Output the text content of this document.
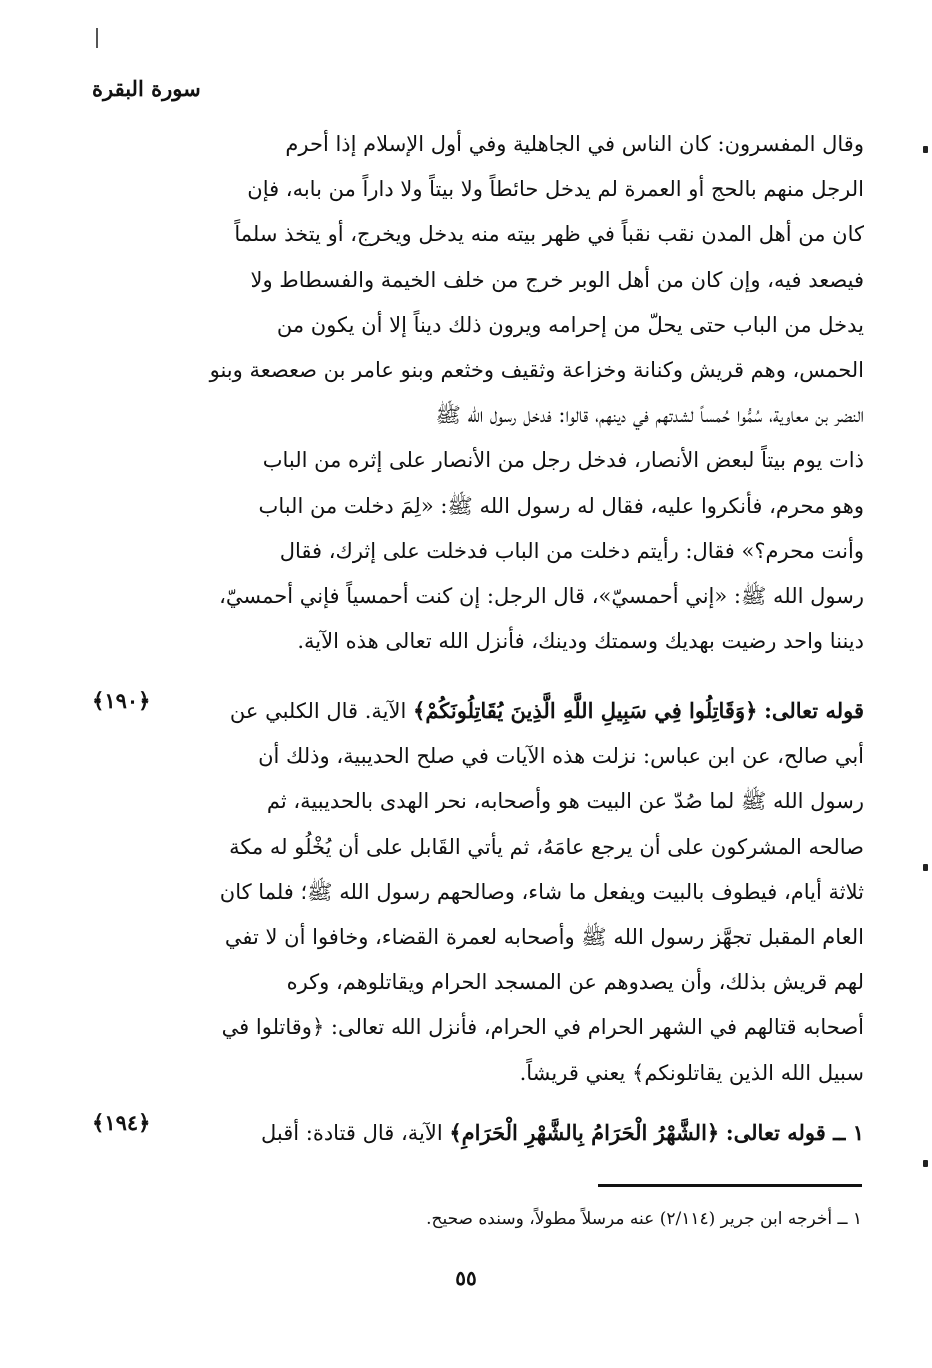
سورة البقرة
وقال المفسرون: كان الناس في الجاهلية وفي أول الإسلام إذا أحرم
الرجل منهم بالحج أو العمرة لم يدخل حائطاً ولا بيتاً ولا داراً من بابه، فإن
كان من أهل المدن نقب نقباً في ظهر بيته منه يدخل ويخرج، أو يتخذ سلماً
فيصعد فيه، وإن كان من أهل الوبر خرج من خلف الخيمة والفسطاط ولا
يدخل من الباب حتى يحلّ من إحرامه ويرون ذلك ديناً إلا أن يكون من
الحمس، وهم قريش وكنانة وخزاعة وثقيف وخثعم وبنو عامر بن صعصعة وبنو
النضر بن معاوية، سُمُّوا حُمساً لشدتهم في دينهم، قالوا: فدخل رسول الله ﷺ
ذات يوم بيتاً لبعض الأنصار، فدخل رجل من الأنصار على إثره من الباب
وهو محرم، فأنكروا عليه، فقال له رسول الله ﷺ: «لِمَ دخلت من الباب
وأنت محرم؟» فقال: رأيتم دخلت من الباب فدخلت على إثرك، فقال
رسول الله ﷺ: «إني أحمسيّ»، قال الرجل: إن كنت أحمسياً فإني أحمسيّ،
ديننا واحد رضيت بهديك وسمتك ودينك، فأنزل الله تعالى هذه الآية.
﴿١٩٠﴾	قوله تعالى: ﴿وَقَاتِلُوا فِي سَبِيلِ اللَّهِ الَّذِينَ يُقَاتِلُونَكُمْ﴾ الآية. قال الكلبي عن
أبي صالح، عن ابن عباس: نزلت هذه الآيات في صلح الحديبية، وذلك أن
رسول الله ﷺ لما صُدّ عن البيت هو وأصحابه، نحر الهدى بالحديبية، ثم
صالحه المشركون على أن يرجع عامَهُ، ثم يأتي القَابل على أن يُخْلُو له مكة
ثلاثة أيام، فيطوف بالبيت ويفعل ما شاء، وصالحهم رسول الله ﷺ؛ فلما كان
العام المقبل تجهَّز رسول الله ﷺ وأصحابه لعمرة القضاء، وخافوا أن لا تفي
لهم قريش بذلك، وأن يصدوهم عن المسجد الحرام ويقاتلوهم، وكره
أصحابه قتالهم في الشهر الحرام في الحرام، فأنزل الله تعالى: ﴿وقاتلوا في
سبيل الله الذين يقاتلونكم﴾ يعني قريشاً.
﴿١٩٤﴾	١ ــ قوله تعالى: ﴿الشَّهْرُ الْحَرَامُ بِالشَّهْرِ الْحَرَامِ﴾ الآية، قال قتادة: أقبل
١ ــ أخرجه ابن جرير (٢/١١٤) عنه مرسلاً مطولاً، وسنده صحيح.
٥٥
